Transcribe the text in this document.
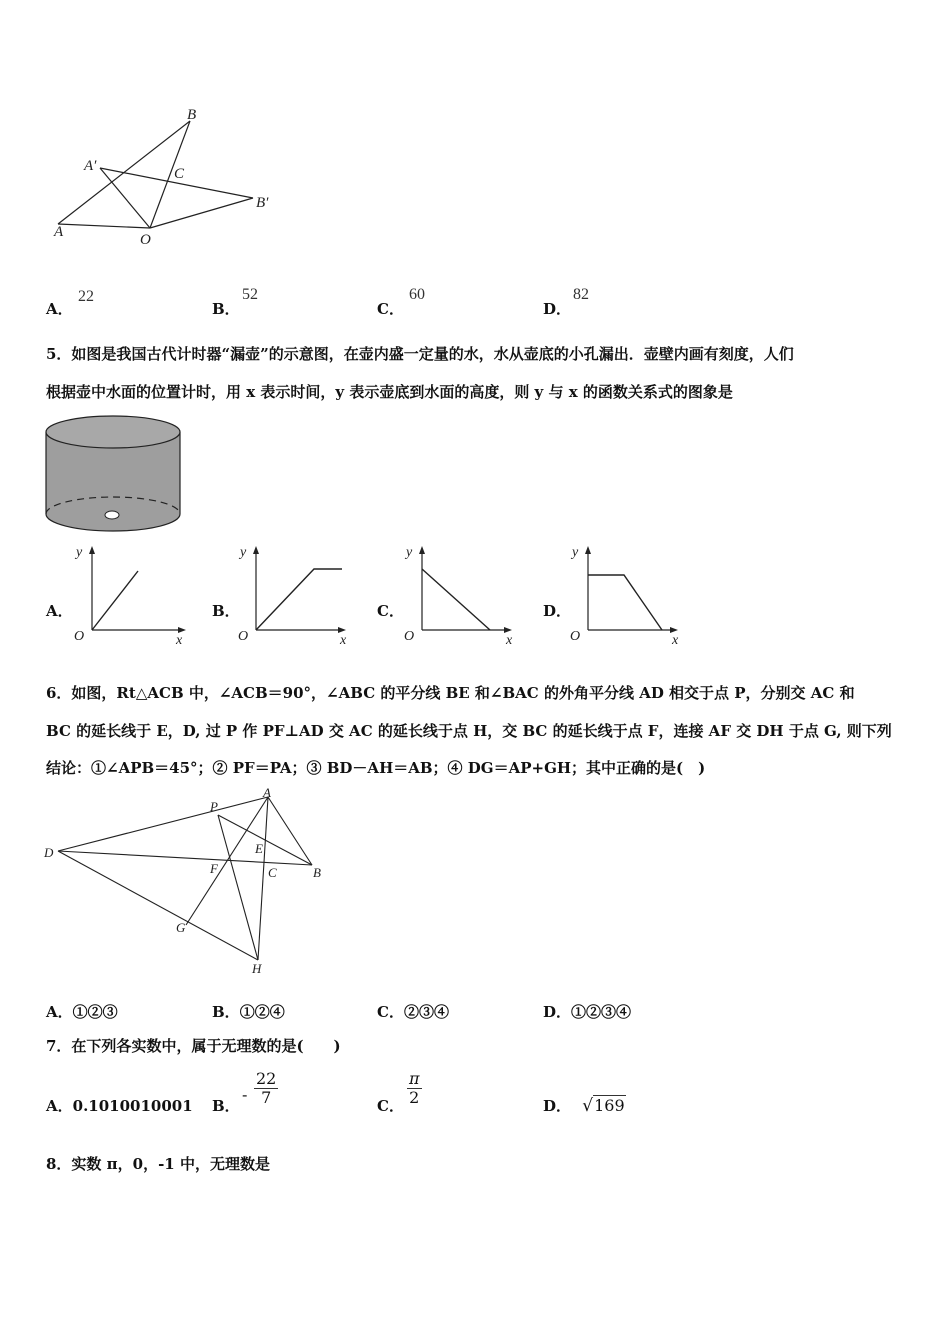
B
A′	C
B′
A	O
A．
22
B．
52
C．
60
D．
82
5．如图是我国古代计时器“漏壶”的示意图，在壶内盛一定量的水，水从壶底的小孔漏出．壶壁内画有刻度，人们
根据壶中水面的位置计时，用 x 表示时间，y 表示壶底到水面的高度，则 y 与 x 的函数关系式的图象是
A．
y
x
O
B．
y
x
O
C．
y
x
O
D．
y
x
O
6．如图，Rt△ACB 中，∠ACB＝90°，∠ABC 的平分线 BE 和∠BAC 的外角平分线 AD 相交于点 P，分别交 AC 和
BC 的延长线于 E，D, 过 P 作 PF⊥AD 交 AC 的延长线于点 H，交 BC 的延长线于点 F，连接 AF 交 DH 于点 G, 则下列
结论：①∠APB＝45°；② PF＝PA；③ BD－AH＝AB；④ DG＝AP+GH；其中正确的是(　)
P
A
D	E
F	C	B
G
H
A．①②③	B．①②④	C．②③④	D．①②③④
7．在下列各实数中，属于无理数的是(　　)
A．0.1010010001 B．
- $\frac{22}{7}$	C． $\frac{\pi}{2}$	D． √169
8．实数 π，0，-1 中，无理数是
